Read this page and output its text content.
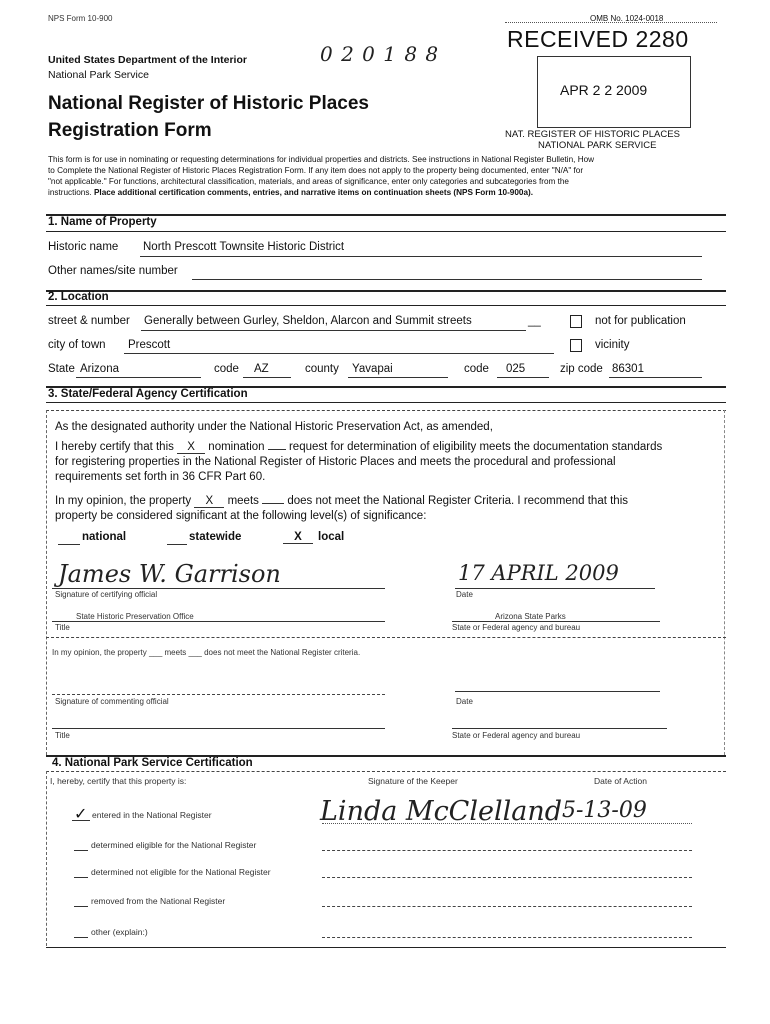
NPS Form 10-900	OMB No. 1024-0018
United States Department of the Interior
National Park Service
0 2 0 1 8 8
RECEIVED 2280
APR 2 2 2009
NAT. REGISTER OF HISTORIC PLACES
NATIONAL PARK SERVICE
National Register of Historic Places
Registration Form
This form is for use in nominating or requesting determinations for individual properties and districts. See instructions in National Register Bulletin, How
to Complete the National Register of Historic Places Registration Form. If any item does not apply to the property being documented, enter "N/A" for
"not applicable." For functions, architectural classification, materials, and areas of significance, enter only categories and subcategories from the
instructions. Place additional certification comments, entries, and narrative items on continuation sheets (NPS Form 10-900a).
1. Name of Property
Historic name North Prescott Townsite Historic District
Other names/site number
2. Location
street & number Generally between Gurley, Sheldon, Alarcon and Summit streets	__	not for publication
city of town Prescott	vicinity
State Arizona	code AZ	county Yavapai	code 025	zip code 86301
3. State/Federal Agency Certification
As the designated authority under the National Historic Preservation Act, as amended,
I hereby certify that this X nomination request for determination of eligibility meets the documentation standards
for registering properties in the National Register of Historic Places and meets the procedural and professional
requirements set forth in 36 CFR Part 60.
In my opinion, the property X meets does not meet the National Register Criteria. I recommend that this
property be considered significant at the following level(s) of significance:
national	statewide	X	local
James W. Garrison	17 APRIL 2009
Signature of certifying official	Date
State Historic Preservation Office	Arizona State Parks
Title	State or Federal agency and bureau
In my opinion, the property ___ meets ___ does not meet the National Register criteria.
Signature of commenting official	Date
Title	State or Federal agency and bureau
4. National Park Service Certification
I, hereby, certify that this property is:	Signature of the Keeper	Date of Action
✓ entered in the National Register	Linda McClelland 5-13-09
determined eligible for the National Register
determined not eligible for the National Register
removed from the National Register
other (explain:)
